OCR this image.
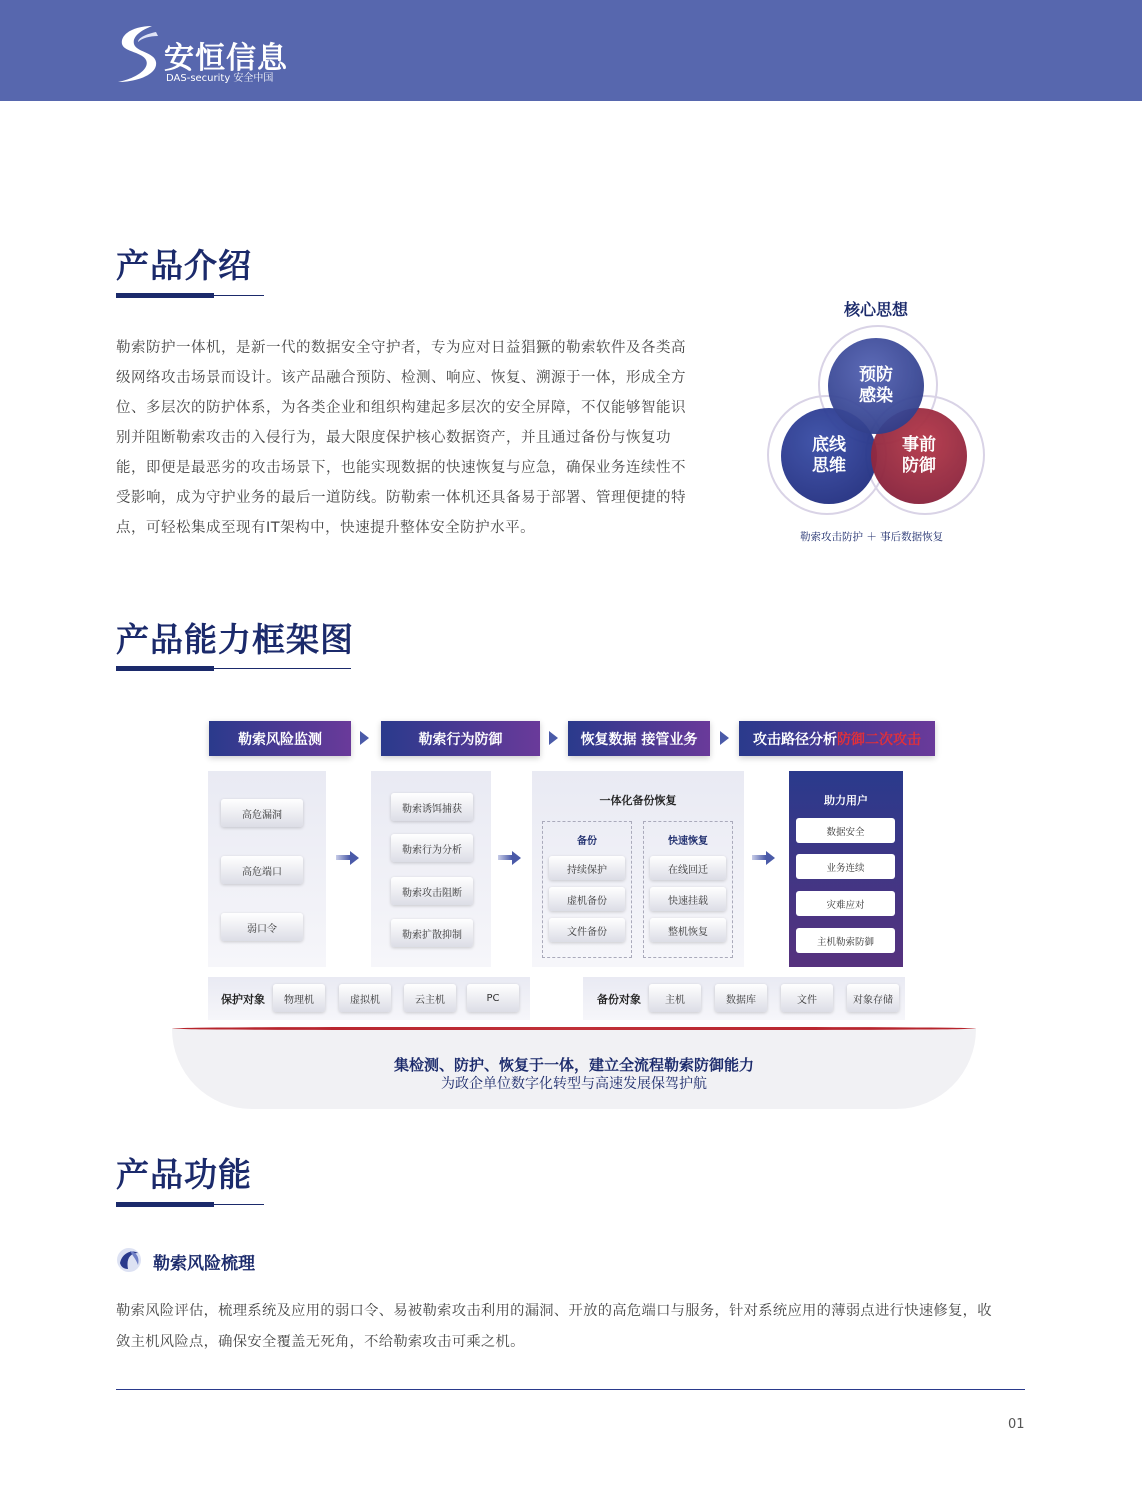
安恒信息
DAS-security 安全中国
产品介绍
勒索防护一体机，是新一代的数据安全守护者，专为应对日益猖獗的勒索软件及各类高
级网络攻击场景而设计。该产品融合预防、检测、响应、恢复、溯源于一体，形成全方
位、多层次的防护体系，为各类企业和组织构建起多层次的安全屏障，不仅能够智能识
别并阻断勒索攻击的入侵行为，最大限度保护核心数据资产，并且通过备份与恢复功
能，即便是最恶劣的攻击场景下，也能实现数据的快速恢复与应急，确保业务连续性不
受影响，成为守护业务的最后一道防线。防勒索一体机还具备易于部署、管理便捷的特
点，可轻松集成至现有IT架构中，快速提升整体安全防护水平。
核心思想
底线
思维
事前
防御
预防
感染
勒索攻击防护 ＋ 事后数据恢复
产品能力框架图
勒索风险监测	勒索行为防御	恢复数据 接管业务	攻击路径分析 防御二次攻击
高危漏洞
高危端口
弱口令
勒索诱饵捕获
勒索行为分析
勒索攻击阻断
勒索扩散抑制
一体化备份恢复
备份	快速恢复
持续保护
虚机备份
文件备份
在线回迁
快速挂载
整机恢复
助力用户
数据安全
业务连续
灾难应对
主机勒索防御
保护对象	物理机	虚拟机	云主机	PC	备份对象	主机	数据库	文件	对象存储
集检测、防护、恢复于一体，建立全流程勒索防御能力
为政企单位数字化转型与高速发展保驾护航
产品功能
勒索风险梳理
勒索风险评估，梳理系统及应用的弱口令、易被勒索攻击利用的漏洞、开放的高危端口与服务，针对系统应用的薄弱点进行快速修复，收
敛主机风险点，确保安全覆盖无死角，不给勒索攻击可乘之机。
01
